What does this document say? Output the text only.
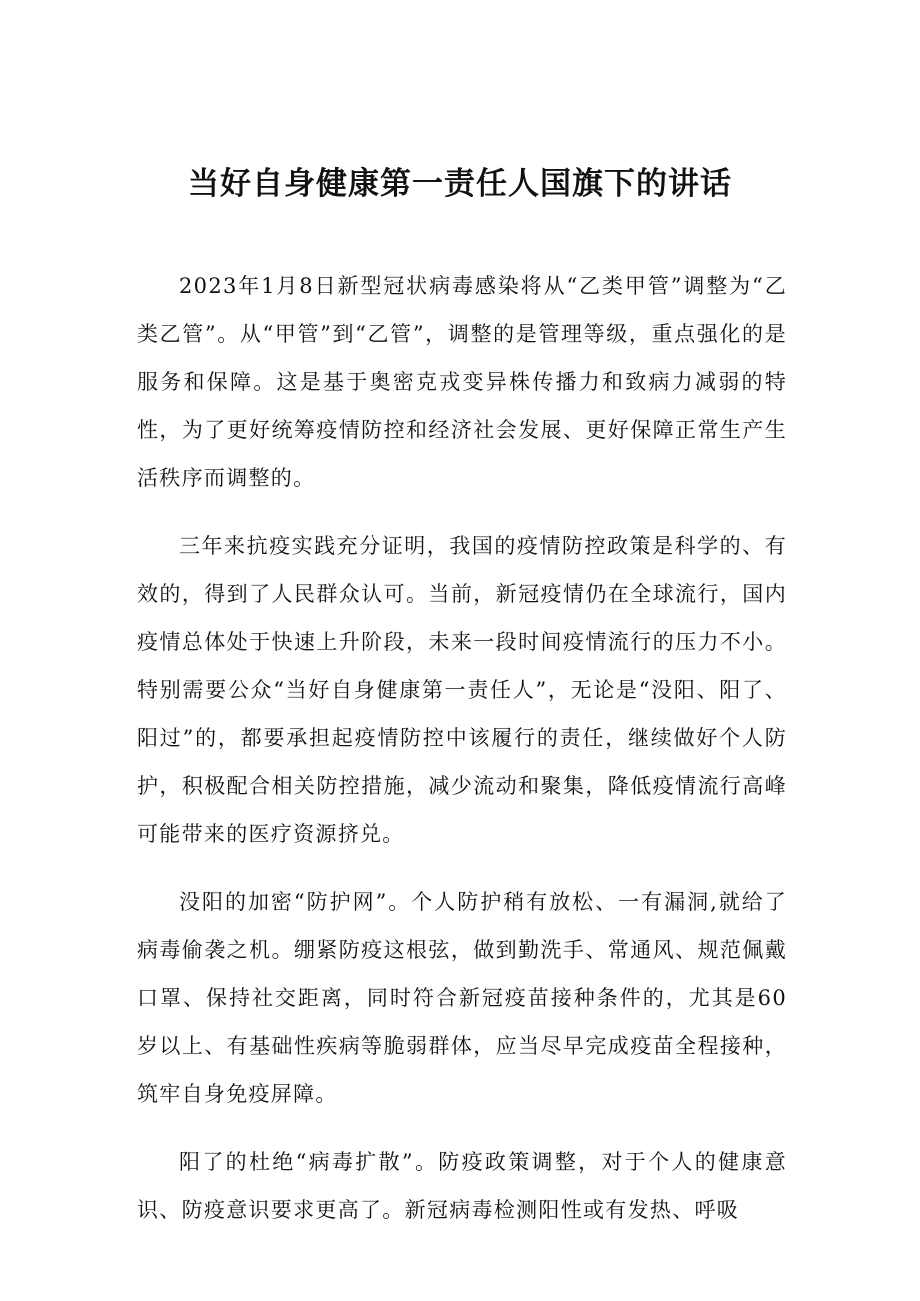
当好自身健康第一责任人国旗下的讲话

2023年1月8日新型冠状病毒感染将从“乙类甲管”调整为“乙类乙管”。从“甲管”到“乙管”，调整的是管理等级，重点强化的是服务和保障。这是基于奥密克戎变异株传播力和致病力减弱的特性，为了更好统筹疫情防控和经济社会发展、更好保障正常生产生活秩序而调整的。

三年来抗疫实践充分证明，我国的疫情防控政策是科学的、有效的，得到了人民群众认可。当前，新冠疫情仍在全球流行，国内疫情总体处于快速上升阶段，未来一段时间疫情流行的压力不小。特别需要公众“当好自身健康第一责任人”，无论是“没阳、阳了、阳过”的，都要承担起疫情防控中该履行的责任，继续做好个人防护，积极配合相关防控措施，减少流动和聚集，降低疫情流行高峰可能带来的医疗资源挤兑。

没阳的加密“防护网”。个人防护稍有放松、一有漏洞,就给了病毒偷袭之机。绷紧防疫这根弦，做到勤洗手、常通风、规范佩戴口罩、保持社交距离，同时符合新冠疫苗接种条件的，尤其是60岁以上、有基础性疾病等脆弱群体，应当尽早完成疫苗全程接种，筑牢自身免疫屏障。

阳了的杜绝“病毒扩散”。防疫政策调整，对于个人的健康意识、防疫意识要求更高了。新冠病毒检测阳性或有发热、呼吸
